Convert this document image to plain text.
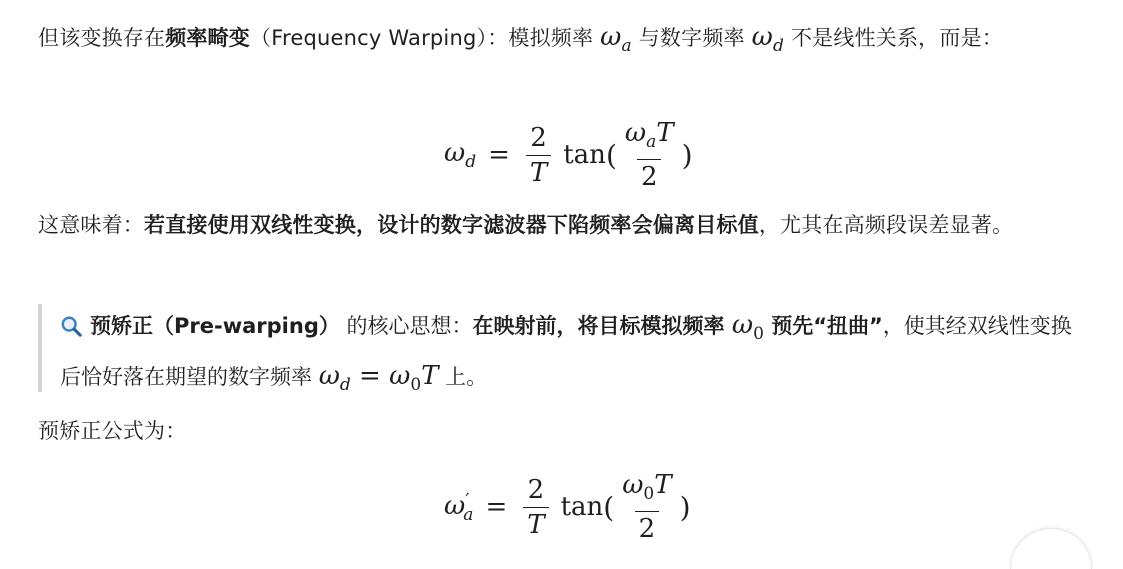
但该变换存在频率畸变（Frequency Warping）：模拟频率 $\omega_a$ 与数字频率 $\omega_d$ 不是线性关系，而是：
$\omega_d = \frac{2}{T}$ tan ( $\frac{\omega_aT}{2}$ )
这意味着：若直接使用双线性变换，设计的数字滤波器下陷频率会偏离目标值，尤其在高频段误差显著。
预矫正（Pre-warping） 的核心思想：在映射前，将目标模拟频率 $\omega_0$ 预先“扭曲”，使其经双线性变换后恰好落在期望的数字频率 $\omega_d = \omega_0T$ 上。
预矫正公式为：
$\omega'_a = \frac{2}{T}$ tan ( $\frac{\omega_0T}{2}$ )
